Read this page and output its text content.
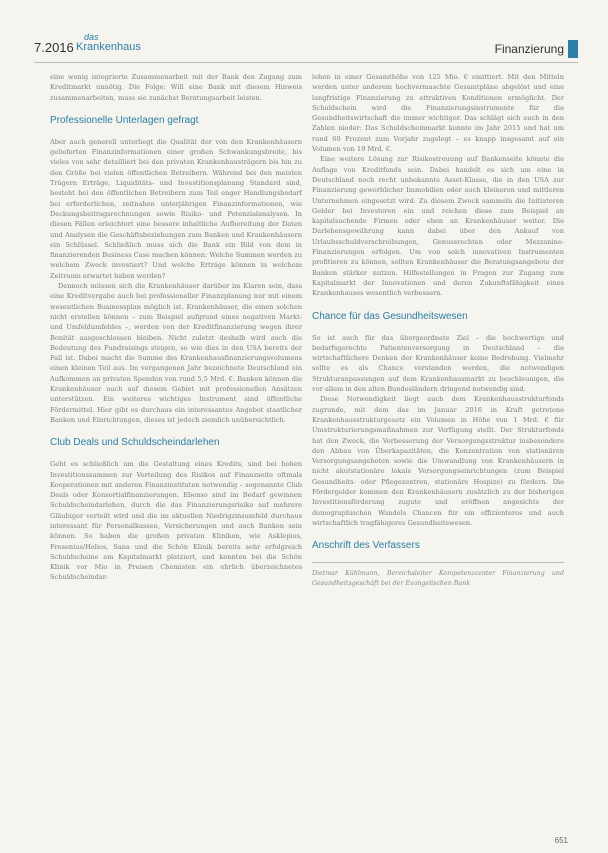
7.2016
das
Krankenhaus	Finanzierung

eine wenig integrierte Zusammenarbeit mit der Bank den Zugang zum Kreditmarkt unnötig. Die Folge: Will eine Bank mit diesem Hinweis zusammenarbeiten, muss sie zunächst Beratungsarbeit leisten.

Professionelle Unterlagen gefragt

Aber auch generell unterliegt die Qualität der von den Krankenhäusern gelieferten Finanzinformationen einer großen Schwankungsbreite, bis vieles von sehr detailliert bei den privaten Krankenhausträgern bis hin zu den Größe bei vielen öffentlichen Betreibern. Während bei den meisten Trägern Erträge, Liquiditäts- und Investitionsplanung Standard sind, besteht bei den öffentlichen Betreibern zum Teil enger Handlungsbedarf bei erforderlichen, zeitnahen unterjährigen Finanzinformationen, wie Deckungsbeitragsrechnungen sowie Risiko- und Potenzialanalysen. In diesen Fällen erleichtert eine bessere inhaltliche Aufbereitung der Daten und Analysen die Geschäftsbeziehungen zum Banken und Krankenhäusern ein Schlüssel. Schließlich muss sich die Bank ein Bild von dem in finanzierenden Business Case machen können: Welche Summen werden zu welchem Zweck investiert? Und welche Erträge können in welchem Zeitraum erwartet haben werden?

Dennoch müssen sich die Krankenhäuser darüber im Klaren sein, dass eine Kreditvergabe auch bei professioneller Finanzplanung nur mit einem wesentlichen Businessplan möglich ist. Krankenhäuser, die einen solchen nicht erstellen können – zum Beispiel aufgrund eines negativen Markt- und Umfeldumfeldes –, werden von der Kreditfinanzierung wegen ihrer Bonität ausgeschlossen bleiben. Nicht zuletzt deshalb wird auch die Bedeutung des Fundraisings steigen, so wie dies in den USA bereits der Fall ist. Dabei macht die Summe des Krankenhausfinanzierungsvolumens einen kleinen Teil aus. Im vergangenen Jahr bezeichnete Deutschland ein Aufkommen an privaten Spenden von rund 5,5 Mrd. €. Banken können die Krankenhäuser auch auf diesem Gebiet mit professionellen Ansätzen unterstützen. Ein weiteres wichtiges Instrument sind öffentliche Fördermittel. Hier gibt es durchaus ein interessantes Angebot staatlicher Banken und Einrichtungen, dieses ist jedoch ziemlich unübersichtlich.

Club Deals und Schuldscheindarlehen

Geht es schließlich um die Gestaltung eines Kredits, sind bei hohen Investitionssummen zur Verteilung des Risikos auf Finanzseite oftmals Kooperationen mit anderen Finanzinstituten notwendig – sogenannte Club Deals oder Konsortialfinanzierungen. Ebenso sind im Bedarf gewinnen Schuldscheindarlehen, durch die das Finanzierungsrisiko auf mehrere Gläubiger verteilt wird und die im aktuellen Niedrigzinsumfeld durchaus interessant für Personalkassen, Versicherungen und auch Banken sein können. So haben die großen privaten Kliniken, wie Asklepios, Fresenius/Helios, Sana und die Schön Klinik bereits sehr erfolgreich Schuldscheine am Kapitalmarkt platziert, und konnten bei die Schön Klinik vor Mio in Preisen Chemisten ein ehrlich überzeichnetes Schuldscheindar-

lehen in einer Gesamthöhe von 125 Mio. € emittiert. Mit den Mitteln werden unter anderem hochvermaschte Gesamtpläne abgelöst und eine langfristige Finanzierung zu attraktiven Konditionen ermöglicht. Der Schuldschein wird die Finanzierungsinstrumente für die Gesundheitswirtschaft die immer wichtiger. Das schlägt sich auch in den Zahlen nieder: Das Schuldscheinmarkt konnte im Jahr 2015 und hat um rund 60 Prozent zum Vorjahr zugelegt – es knapp insgesamt auf ein Volumen von 19 Mrd. €.

Eine weitere Lösung zur Risikostreuung auf Bankenseite könnte die Auflage von Kreditfonds sein. Dabei handelt es sich um eine in Deutschland noch recht unbekannte Asset-Klasse, die in den USA zur Finanzierung gewerblicher Immobilien oder auch kleineren und mittleren Unternehmen eingesetzt wird. Zu diesem Zweck sammeln die Initiatoren Gelder bei Investoren ein und reichen diese zum Beispiel an kapitalsuchende Firmen oder eben an Krankenhäuser weiter. Die Darlehensgewährung kann dabei über den Ankauf von Urlaubsschuldverschreibungen, Genussrechten oder Mezzanine-Finanzierungen erfolgen. Um von solch innovativen Instrumenten profitieren zu können, sollten Krankenhäuser die Beratungsangebote der Banken stärker nutzen. Hilfestellungen in Fragen zur Zugang zum Kapitalmarkt der Innovationen und deren Zukunftsfähigkeit eines Krankenhauses wesentlich verbessern.

Chance für das Gesundheitswesen

So ist auch für das übergeordnete Ziel – die hochwertige und bedarfsgerechte Patientenversorgung in Deutschland – die wirtschaftlichere Denken der Krankenhäuser keine Bedrohung. Vielmehr sollte es als Chance verstanden werden, die notwendigen Strukturanpassungen auf dem Krankenhausmarkt zu beschleunigen, die vor allem in den alten Bundesländern dringend notwendig sind.

Diese Notwendigkeit liegt auch dem Krankenhausstrukturfonds zugrunde, mit dem das im Januar 2016 in Kraft getretene Krankenhausstrukturgesetz ein Volumen in Höhe von 1 Mrd. € für Umstrukturierungsmaßnahmen zur Verfügung stellt. Der Strukturfonds hat den Zweck, die Verbesserung der Versorgungsstruktur insbesondere den Abbau von Überkapazitäten, die Konzentration von stationären Versorgungsangeboten sowie die Umwandlung von Krankenhäusern in nicht akutstationäre lokale Versorgungseinrichtungen (zum Beispiel Gesundheits- oder Pflegezentren, stationäre Hospize) zu fördern. Die Fördergelder kommen den Krankenhäusern zusätzlich zu der bisherigen Investitionsförderung zugute und eröffnen angesichts der demographischen Wandels Chancen für ein effizienteres und auch wirtschaftlich tragfähigeres Gesundheitswesen.

Anschrift des Verfassers

Dietmar Kühlmann, Bereichsleiter Kompetenzcenter Finanzierung und Gesundheitsgeschäft bei der Evangelischen Bank

651
